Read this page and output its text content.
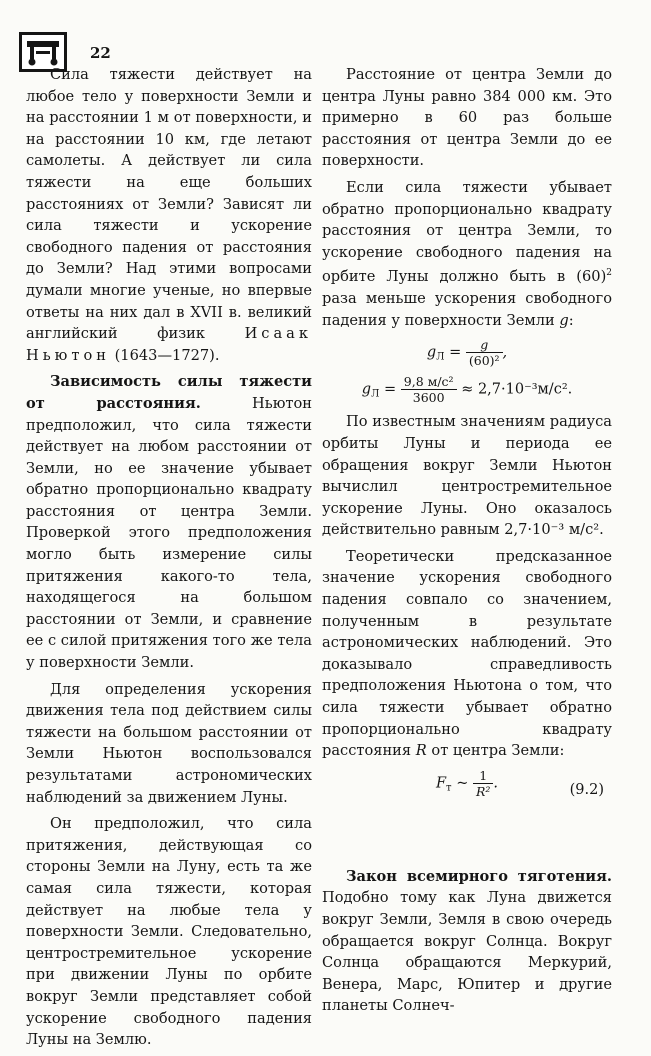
22

Сила тяжести действует на любое тело у поверхности Земли и на расстоянии 1 м от поверхности, и на расстоянии 10 км, где летают самолеты. А действует ли сила тяжести на еще больших расстояниях от Земли? Зависят ли сила тяжести и ускорение свободного падения от расстояния до Земли? Над этими вопросами думали многие ученые, но впервые ответы на них дал в XVII в. великий английский физик	Исаак Ньютон (1643—1727).

Зависимость силы тяжести от расстояния.	Ньютон предположил, что сила тяжести действует на любом расстоянии от Земли, но ее значение убывает обратно пропорционально квадрату расстояния от центра Земли. Проверкой этого предположения могло быть измерение силы притяжения какого-то тела, находящегося на большом расстоянии от Земли, и сравнение ее с силой притяжения того же тела у поверхности Земли.

Для определения ускорения движения тела под действием силы тяжести на большом расстоянии от Земли Ньютон воспользовался результатами астрономических наблюдений за движением Луны.

Он предположил, что сила притяжения, действующая со стороны Земли на Луну, есть та же самая сила тяжести, которая действует на любые тела у поверхности Земли. Следовательно, центростремительное ускорение при движении Луны по орбите вокруг Земли представляет собой ускорение свободного падения Луны на Землю.

Расстояние от центра Земли до центра Луны равно 384 000 км. Это примерно в 60 раз больше расстояния от центра Земли до ее поверхности.

Если сила тяжести убывает обратно пропорционально квадрату расстояния от центра Земли, то ускорение свободного падения на орбите Луны должно быть в $(60)^2$ раза меньше ускорения свободного падения у поверхности Земли g:

$g_Л = \frac{g}{\text{(60)²}}$ ,
$g_Л = \frac{\text{9,8 м/с²}}{3600} \approx 2,7\cdot 10^{-3}м/с^2$.

По известным значениям радиуса орбиты Луны и периода ее обращения вокруг Земли Ньютон вычислил центростремительное ускорение Луны. Оно оказалось действительно равным 2,7·10⁻³ м/с².

Теоретически предсказанное значение ускорения свободного падения совпало со значением, полученным в результате астрономических наблюдений. Это доказывало справедливость предположения Ньютона о том, что сила тяжести убывает обратно пропорционально квадрату расстояния R от центра Земли:

$F_т$ ~ $\frac{1}{\text{R²}}$ .	(9.2)

Закон всемирного тяготения. Подобно тому как Луна движется вокруг Земли, Земля в свою очередь обращается вокруг Солнца. Вокруг Солнца обращаются Меркурий, Венера, Марс, Юпитер и другие планеты Солнеч-
